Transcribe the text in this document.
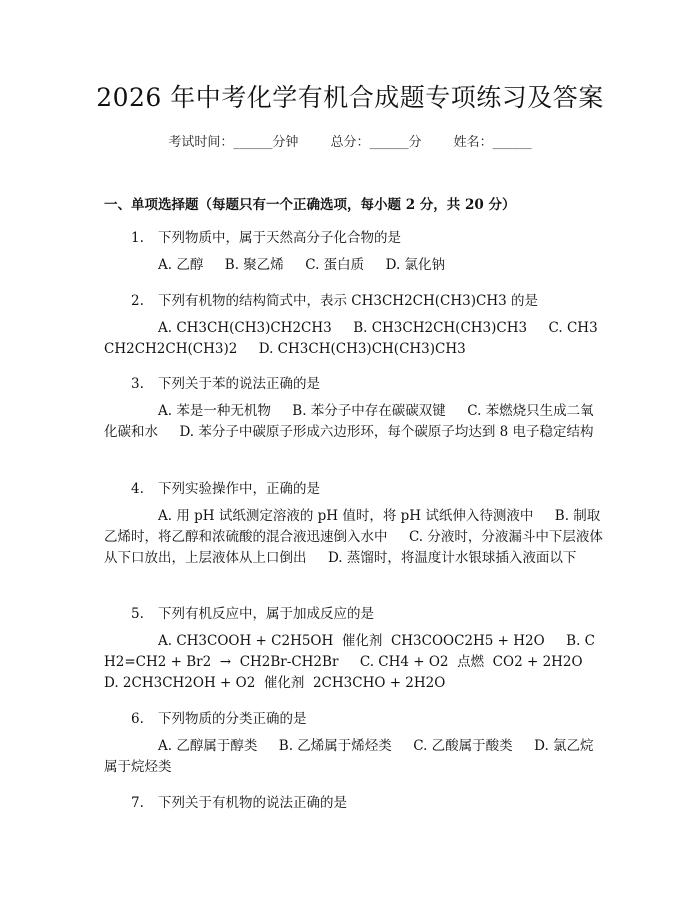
2026 年中考化学有机合成题专项练习及答案
考试时间：______分钟 总分：______分 姓名：______
一、单项选择题（每题只有一个正确选项，每小题 2 分，共 20 分）
1. 下列物质中，属于天然高分子化合物的是
A. 乙醇     B. 聚乙烯     C. 蛋白质     D. 氯化钠
2. 下列有机物的结构简式中，表示 CH3CH2CH(CH3)CH3 的是
A. CH3CH(CH3)CH2CH3     B. CH3CH2CH(CH3)CH3     C. CH3CH2CH2CH(CH3)2     D. CH3CH(CH3)CH(CH3)CH3
3. 下列关于苯的说法正确的是
A. 苯是一种无机物     B. 苯分子中存在碳碳双键     C. 苯燃烧只生成二氧化碳和水     D. 苯分子中碳原子形成六边形环，每个碳原子均达到 8 电子稳定结构
4. 下列实验操作中，正确的是
A. 用 pH 试纸测定溶液的 pH 值时，将 pH 试纸伸入待测液中     B. 制取乙烯时，将乙醇和浓硫酸的混合液迅速倒入水中     C. 分液时，分液漏斗中下层液体从下口放出，上层液体从上口倒出     D. 蒸馏时，将温度计水银球插入液面以下
5. 下列有机反应中，属于加成反应的是
A. CH3COOH + C2H5OH  催化剂  CH3COOC2H5 + H2O     B. CH2=CH2 + Br2  →  CH2Br-CH2Br     C. CH4 + O2  点燃  CO2 + 2H2O     D. 2CH3CH2OH + O2  催化剂  2CH3CHO + 2H2O
6. 下列物质的分类正确的是
A. 乙醇属于醇类     B. 乙烯属于烯烃类     C. 乙酸属于酸类     D. 氯乙烷属于烷烃类
7. 下列关于有机物的说法正确的是
